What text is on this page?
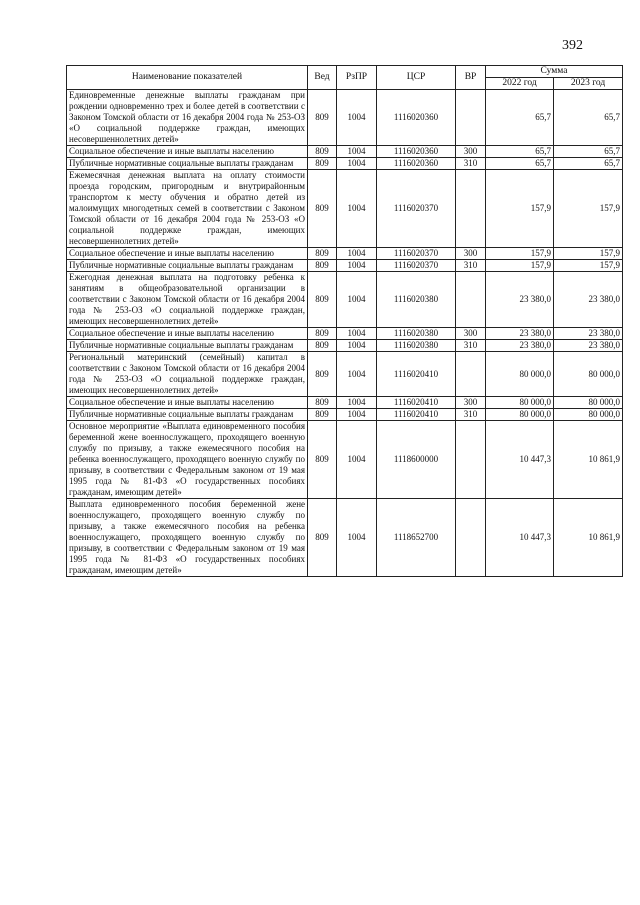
392
Наименование показателей	Вед	РзПР	ЦСР	ВР	Сумма	
					2022 год	2023 год
Единовременные денежные выплаты гражданам при рождении одновременно трех и более детей в соответствии с Законом Томской области от 16 декабря 2004 года № 253-ОЗ «О социальной поддержке граждан, имеющих несовершеннолетних детей»	809	1004	1116020360		65,7	65,7
Социальное обеспечение и иные выплаты населению	809	1004	1116020360	300	65,7	65,7
Публичные нормативные социальные выплаты гражданам	809	1004	1116020360	310	65,7	65,7
Ежемесячная денежная выплата на оплату стоимости проезда городским, пригородным и внутрирайонным транспортом к месту обучения и обратно детей из малоимущих многодетных семей в соответствии с Законом Томской области от 16 декабря 2004 года № 253-ОЗ «О социальной поддержке граждан, имеющих несовершеннолетних детей»	809	1004	1116020370		157,9	157,9
Социальное обеспечение и иные выплаты населению	809	1004	1116020370	300	157,9	157,9
Публичные нормативные социальные выплаты гражданам	809	1004	1116020370	310	157,9	157,9
Ежегодная денежная выплата на подготовку ребенка к занятиям в общеобразовательной организации в соответствии с Законом Томской области от 16 декабря 2004 года № 253-ОЗ «О социальной поддержке граждан, имеющих несовершеннолетних детей»	809	1004	1116020380		23 380,0	23 380,0
Социальное обеспечение и иные выплаты населению	809	1004	1116020380	300	23 380,0	23 380,0
Публичные нормативные социальные выплаты гражданам	809	1004	1116020380	310	23 380,0	23 380,0
Региональный материнский (семейный) капитал в соответствии с Законом Томской области от 16 декабря 2004 года № 253-ОЗ «О социальной поддержке граждан, имеющих несовершеннолетних детей»	809	1004	1116020410		80 000,0	80 000,0
Социальное обеспечение и иные выплаты населению	809	1004	1116020410	300	80 000,0	80 000,0
Публичные нормативные социальные выплаты гражданам	809	1004	1116020410	310	80 000,0	80 000,0
Основное мероприятие «Выплата единовременного пособия беременной жене военнослужащего, проходящего военную службу по призыву, а также ежемесячного пособия на ребенка военнослужащего, проходящего военную службу по призыву, в соответствии с Федеральным законом от 19 мая 1995 года № 81-ФЗ «О государственных пособиях гражданам, имеющим детей»	809	1004	1118600000		10 447,3	10 861,9
Выплата единовременного пособия беременной жене военнослужащего, проходящего военную службу по призыву, а также ежемесячного пособия на ребенка военнослужащего, проходящего военную службу по призыву, в соответствии с Федеральным законом от 19 мая 1995 года № 81-ФЗ «О государственных пособиях гражданам, имеющим детей»	809	1004	1118652700		10 447,3	10 861,9
